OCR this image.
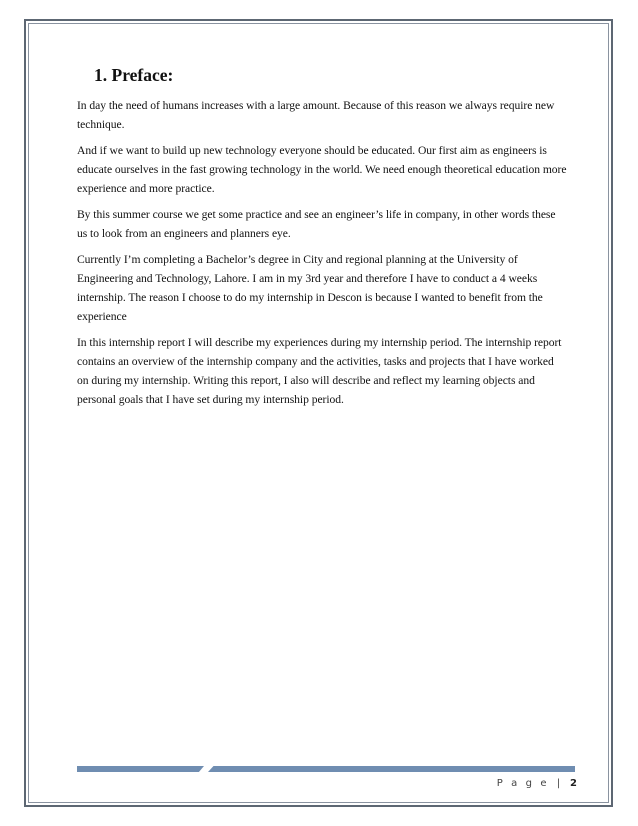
1. Preface:

In day the need of humans increases with a large amount. Because of this reason we always require new technique.

And if we want to build up new technology everyone should be educated. Our first aim as engineers is educate ourselves in the fast growing technology in the world. We need enough theoretical education more experience and more practice.

By this summer course we get some practice and see an engineer’s life in company, in other words these us to look from an engineers and planners eye.

Currently I’m completing a Bachelor’s degree in City and regional planning at the University of Engineering and Technology, Lahore. I am in my 3rd year and therefore I have to conduct a 4 weeks internship. The reason I choose to do my internship in Descon is because I wanted to benefit from the experience

In this internship report I will describe my experiences during my internship period. The internship report contains an overview of the internship company and the activities, tasks and projects that I have worked on during my internship. Writing this report, I also will describe and reflect my learning objects and personal goals that I have set during my internship period.

P a g e | 2
